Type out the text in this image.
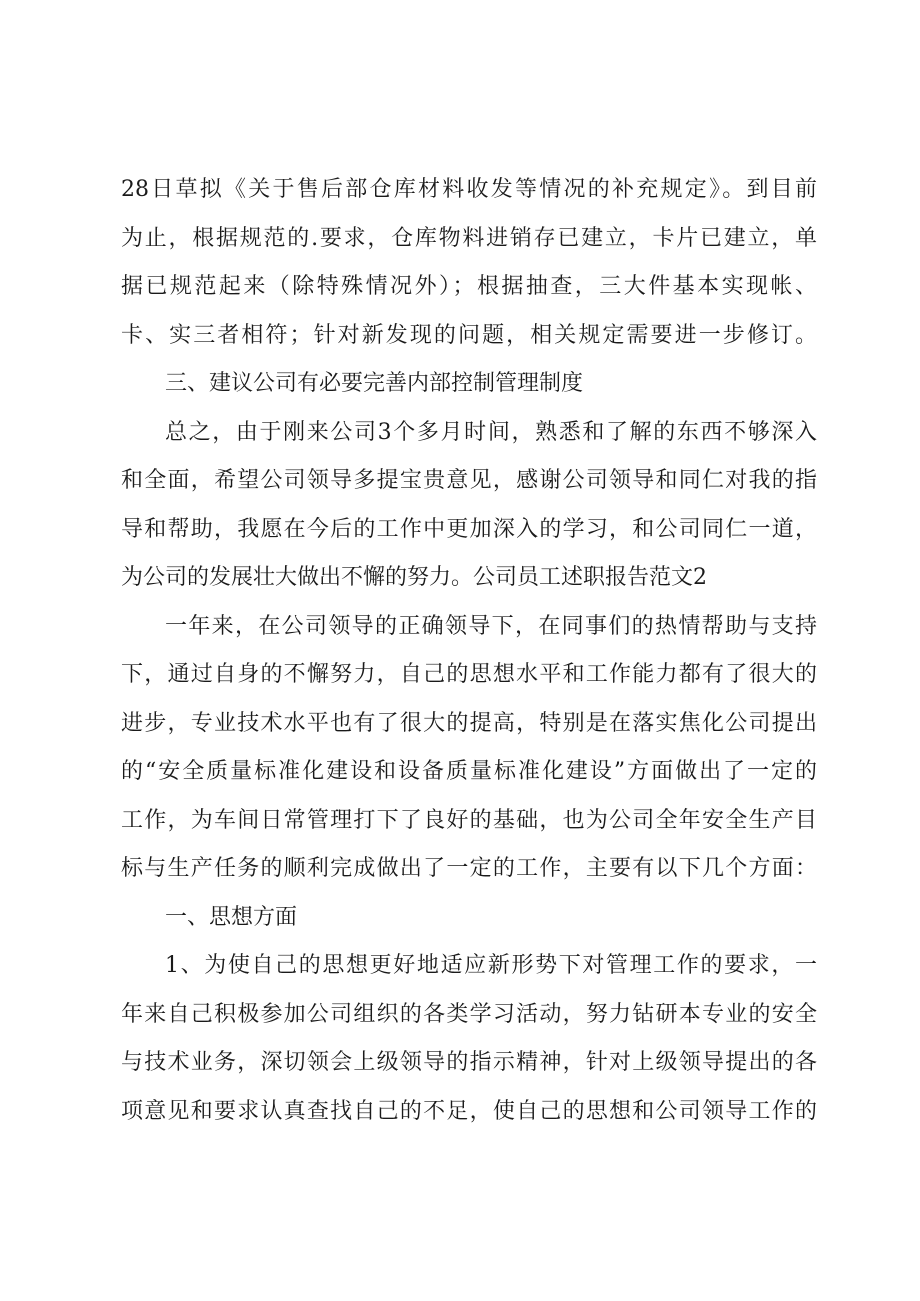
28日草拟《关于售后部仓库材料收发等情况的补充规定》。到目前
为止，根据规范的.要求，仓库物料进销存已建立，卡片已建立，单
据已规范起来（除特殊情况外）；根据抽查，三大件基本实现帐、
卡、实三者相符；针对新发现的问题，相关规定需要进一步修订。
三、建议公司有必要完善内部控制管理制度
总之，由于刚来公司3个多月时间，熟悉和了解的东西不够深入
和全面，希望公司领导多提宝贵意见，感谢公司领导和同仁对我的指
导和帮助，我愿在今后的工作中更加深入的学习，和公司同仁一道，
为公司的发展壮大做出不懈的努力。公司员工述职报告范文2
一年来，在公司领导的正确领导下，在同事们的热情帮助与支持
下，通过自身的不懈努力，自己的思想水平和工作能力都有了很大的
进步，专业技术水平也有了很大的提高，特别是在落实焦化公司提出
的“安全质量标准化建设和设备质量标准化建设”方面做出了一定的
工作，为车间日常管理打下了良好的基础，也为公司全年安全生产目
标与生产任务的顺利完成做出了一定的工作，主要有以下几个方面：
一、思想方面
1、为使自己的思想更好地适应新形势下对管理工作的要求，一
年来自己积极参加公司组织的各类学习活动，努力钻研本专业的安全
与技术业务，深切领会上级领导的指示精神，针对上级领导提出的各
项意见和要求认真查找自己的不足，使自己的思想和公司领导工作的
